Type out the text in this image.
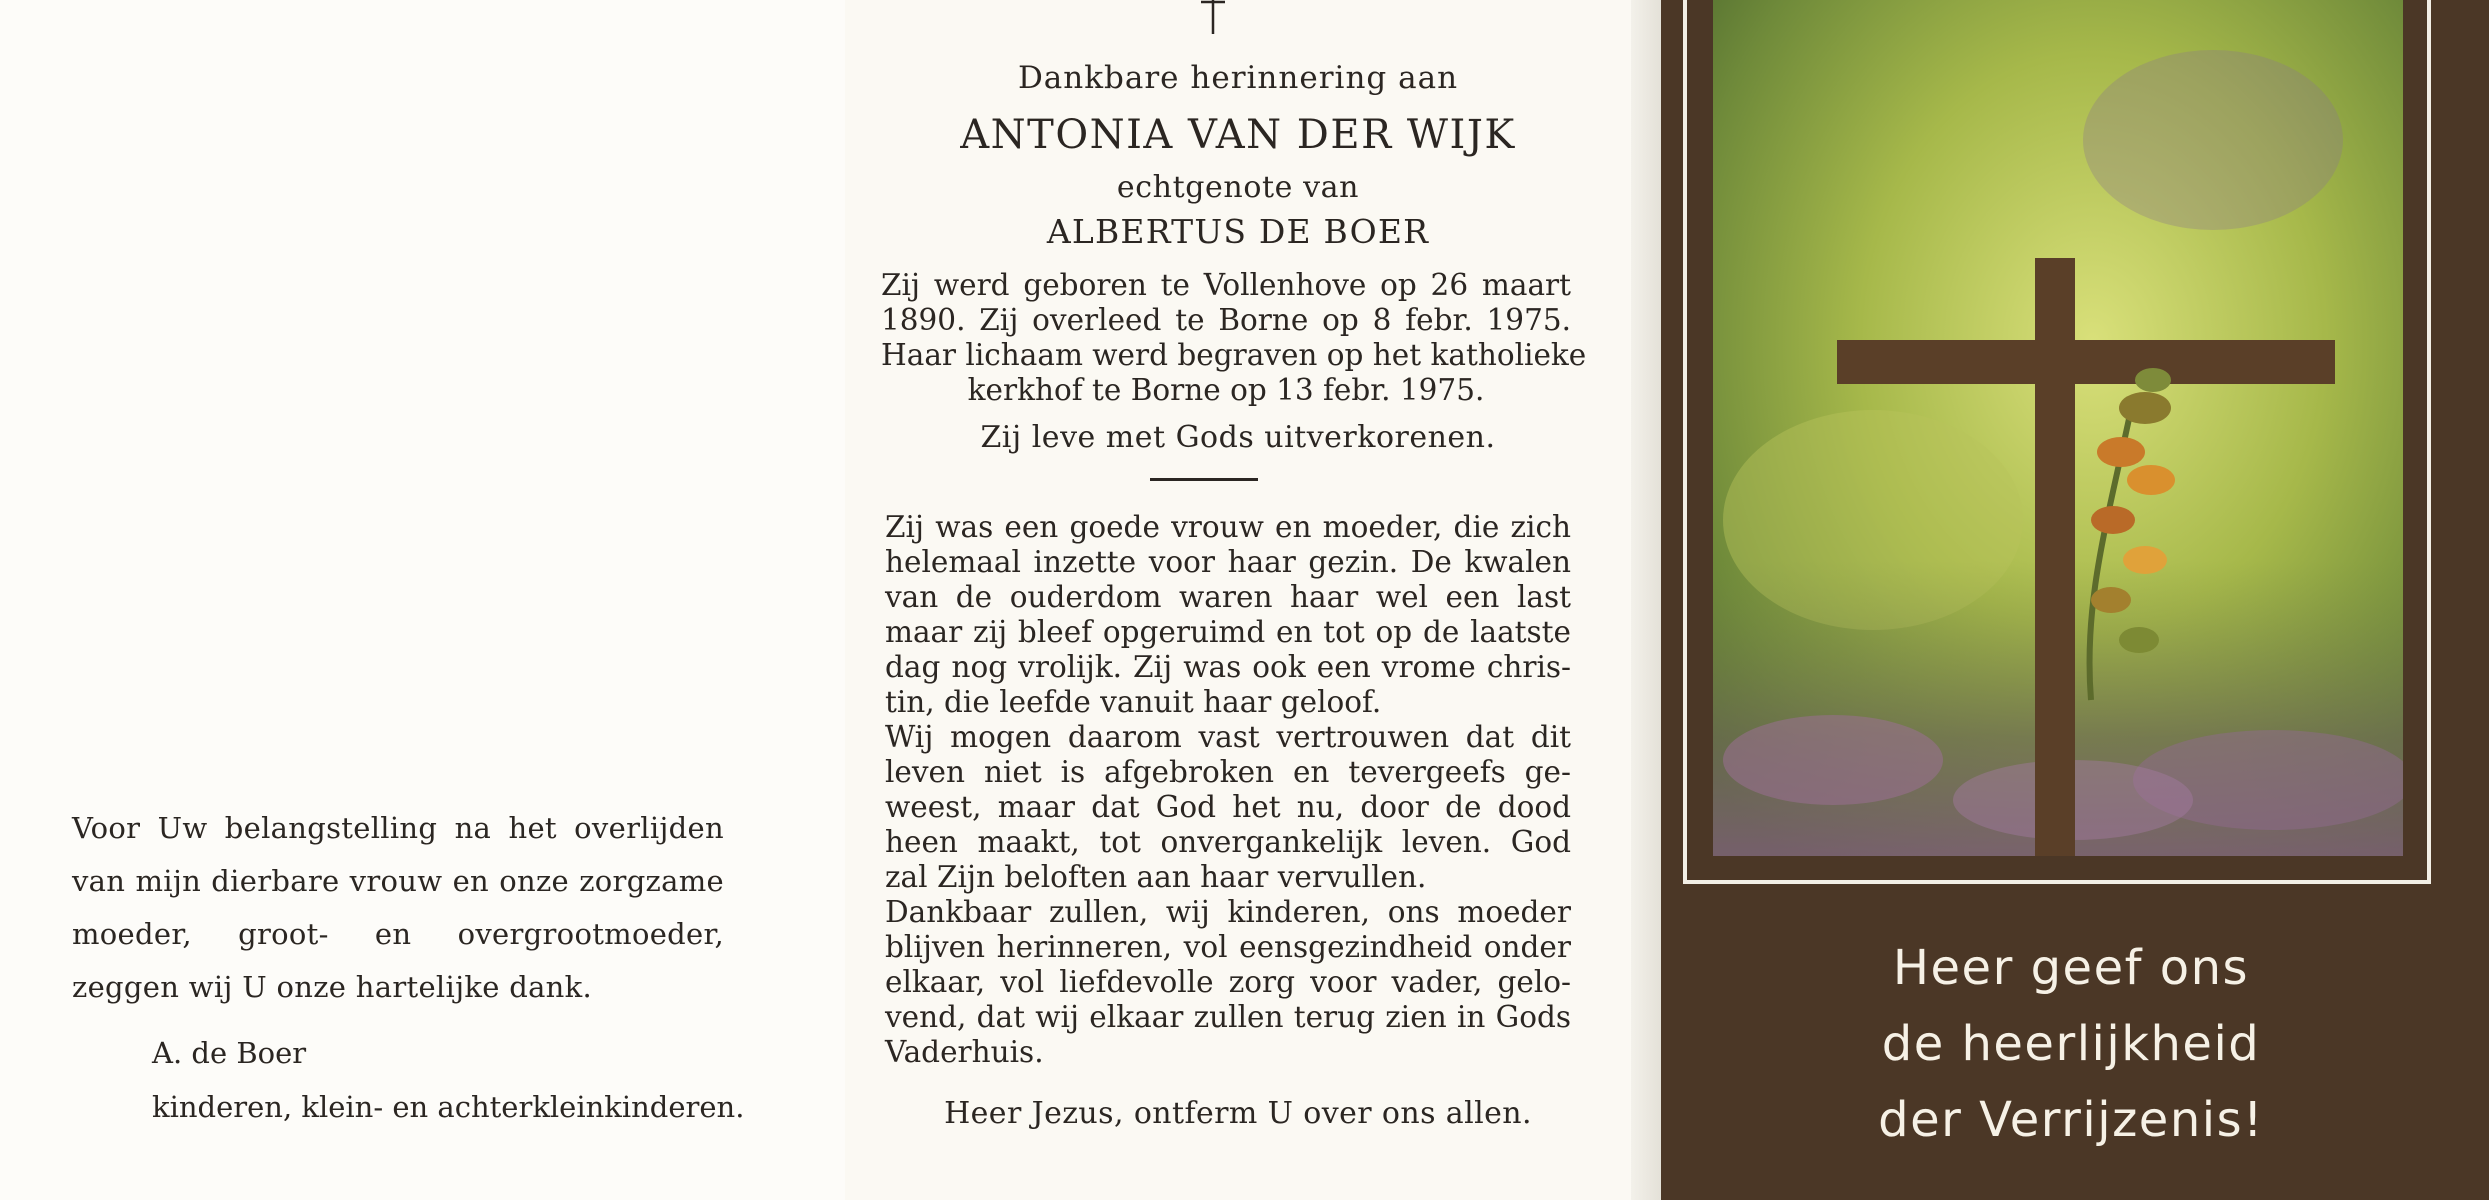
Voor Uw belangstelling na het overlijden van mijn dierbare vrouw en onze zorgzame moeder, groot- en overgrootmoeder, zeggen wij U onze hartelijke dank.
A. de Boer
kinderen, klein- en achterkleinkinderen.
Dankbare herinnering aan
ANTONIA VAN DER WIJK
echtgenote van
ALBERTUS DE BOER
Zij werd geboren te Vollenhove op 26 maart
1890. Zij overleed te Borne op 8 febr. 1975.
Haar lichaam werd begraven op het katholieke
kerkhof te Borne op 13 febr. 1975.
Zij leve met Gods uitverkorenen.
Zij was een goede vrouw en moeder, die zich
helemaal inzette voor haar gezin. De kwalen
van de ouderdom waren haar wel een last
maar zij bleef opgeruimd en tot op de laatste
dag nog vrolijk. Zij was ook een vrome chris-
tin, die leefde vanuit haar geloof.
Wij mogen daarom vast vertrouwen dat dit
leven niet is afgebroken en tevergeefs ge-
weest, maar dat God het nu, door de dood
heen maakt, tot onvergankelijk leven. God
zal Zijn beloften aan haar vervullen.
Dankbaar zullen, wij kinderen, ons moeder
blijven herinneren, vol eensgezindheid onder
elkaar, vol liefdevolle zorg voor vader, gelo-
vend, dat wij elkaar zullen terug zien in Gods
Vaderhuis.
Heer Jezus, ontferm U over ons allen.
Heer geef ons
de heerlijkheid
der Verrijzenis!
